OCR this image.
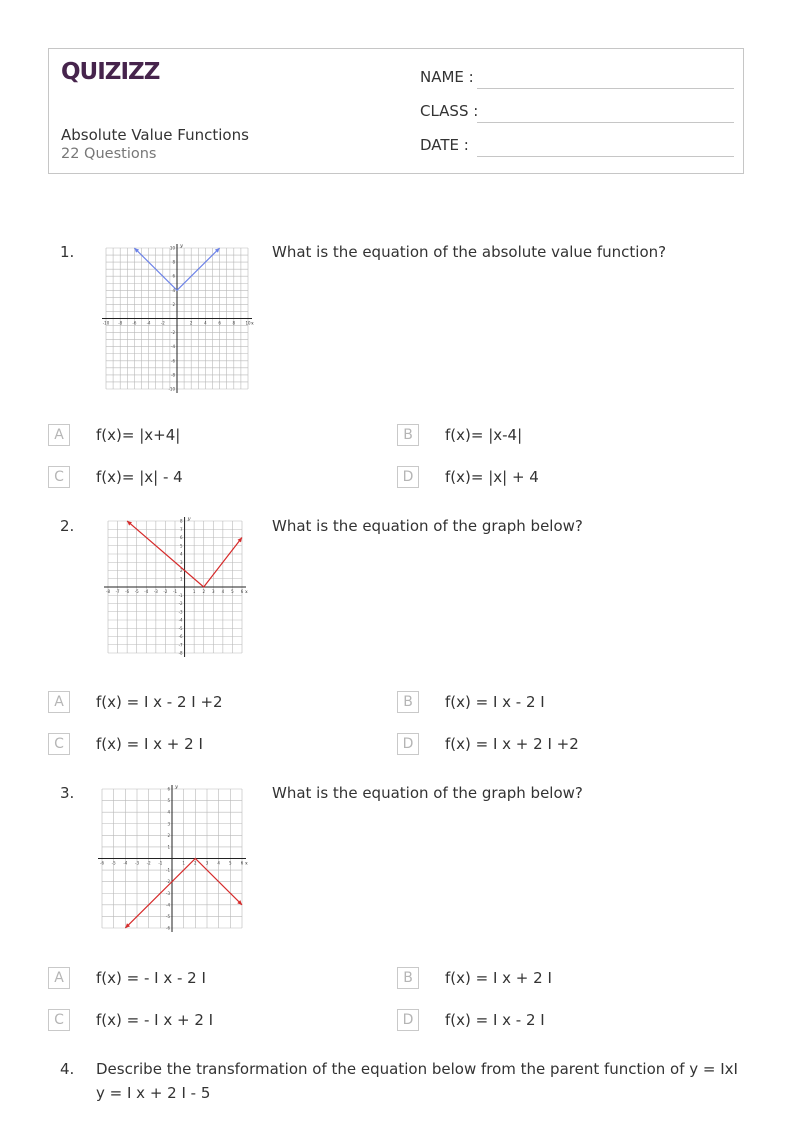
QUIZIZZ
Absolute Value Functions
22 Questions
NAME :
CLASS :
DATE :
1.
-10 -8	-6	-4	-2	2	4	6	8	10
-10
-8
-6
-4
-2
2
4
6
8
10
x
y	What is the equation of the absolute value function?
A	f(x)= |x+4|	B	f(x)= |x-4|
C	f(x)= |x| - 4	D	f(x)= |x| + 4
2.
-8 -7 -6 -5 -4 -3 -2 -1	1 2 3 4 5 6
-8
-7
-6
-5
-4
-3
-2
-1
1
2
3
4
5
6
7
8
x
y	What is the equation of the graph below?
A	f(x) = I x - 2 I +2	B	f(x) = I x - 2 I
C	f(x) = I x + 2 I	D	f(x) = I x + 2 I +2
3.
-6 -5 -4 -3 -2 -1	1 2 3 4 5 6
-6
-5
-4
-3
-2
-1
1
2
3
4
5
6
x
y	What is the equation of the graph below?
A	f(x) = - I x - 2 I	B	f(x) = I x + 2 I
C	f(x) = - I x + 2 I	D	f(x) = I x - 2 I
4. Describe the transformation of the equation below from the parent function of y = IxI
y = I x + 2 I - 5
